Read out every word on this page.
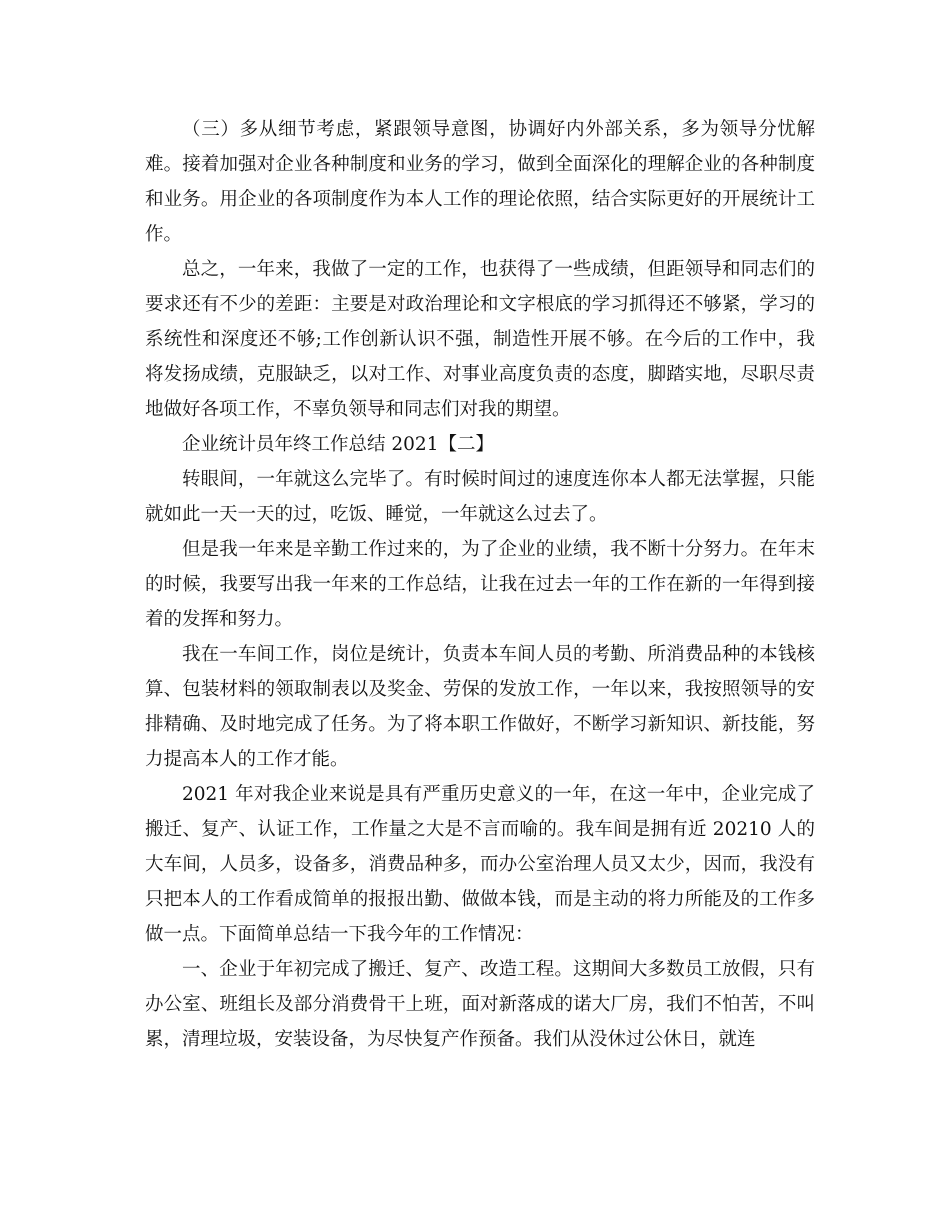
（三）多从细节考虑，紧跟领导意图，协调好内外部关系，多为领导分忧解难。接着加强对企业各种制度和业务的学习，做到全面深化的理解企业的各种制度和业务。用企业的各项制度作为本人工作的理论依照，结合实际更好的开展统计工作。

总之，一年来，我做了一定的工作，也获得了一些成绩，但距领导和同志们的要求还有不少的差距：主要是对政治理论和文字根底的学习抓得还不够紧，学习的系统性和深度还不够;工作创新认识不强，制造性开展不够。在今后的工作中，我将发扬成绩，克服缺乏，以对工作、对事业高度负责的态度，脚踏实地，尽职尽责地做好各项工作，不辜负领导和同志们对我的期望。

企业统计员年终工作总结 2021【二】

转眼间，一年就这么完毕了。有时候时间过的速度连你本人都无法掌握，只能就如此一天一天的过，吃饭、睡觉，一年就这么过去了。

但是我一年来是辛勤工作过来的，为了企业的业绩，我不断十分努力。在年末的时候，我要写出我一年来的工作总结，让我在过去一年的工作在新的一年得到接着的发挥和努力。

我在一车间工作，岗位是统计，负责本车间人员的考勤、所消费品种的本钱核算、包装材料的领取制表以及奖金、劳保的发放工作，一年以来，我按照领导的安排精确、及时地完成了任务。为了将本职工作做好，不断学习新知识、新技能，努力提高本人的工作才能。

2021 年对我企业来说是具有严重历史意义的一年，在这一年中，企业完成了搬迁、复产、认证工作，工作量之大是不言而喻的。我车间是拥有近 20210 人的大车间，人员多，设备多，消费品种多，而办公室治理人员又太少，因而，我没有只把本人的工作看成简单的报报出勤、做做本钱，而是主动的将力所能及的工作多做一点。下面简单总结一下我今年的工作情况：

一、企业于年初完成了搬迁、复产、改造工程。这期间大多数员工放假，只有办公室、班组长及部分消费骨干上班，面对新落成的诺大厂房，我们不怕苦，不叫累，清理垃圾，安装设备，为尽快复产作预备。我们从没休过公休日，就连
